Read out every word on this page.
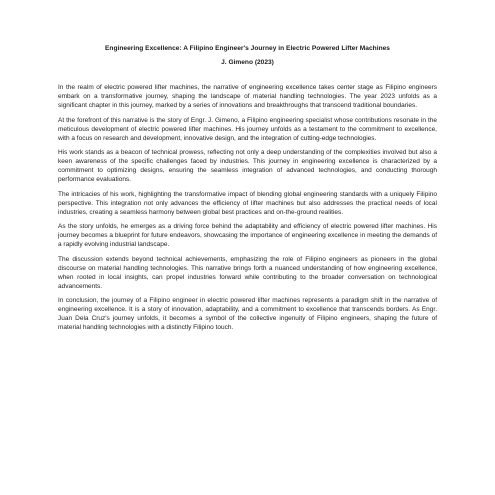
Engineering Excellence: A Filipino Engineer's Journey in Electric Powered Lifter Machines
J. Gimeno (2023)

In the realm of electric powered lifter machines, the narrative of engineering excellence takes center stage as Filipino engineers embark on a transformative journey, shaping the landscape of material handling technologies. The year 2023 unfolds as a significant chapter in this journey, marked by a series of innovations and breakthroughs that transcend traditional boundaries.

At the forefront of this narrative is the story of Engr. J. Gimeno, a Filipino engineering specialist whose contributions resonate in the meticulous development of electric powered lifter machines. His journey unfolds as a testament to the commitment to excellence, with a focus on research and development, innovative design, and the integration of cutting-edge technologies.

His work stands as a beacon of technical prowess, reflecting not only a deep understanding of the complexities involved but also a keen awareness of the specific challenges faced by industries. This journey in engineering excellence is characterized by a commitment to optimizing designs, ensuring the seamless integration of advanced technologies, and conducting thorough performance evaluations.

The intricacies of his work, highlighting the transformative impact of blending global engineering standards with a uniquely Filipino perspective. This integration not only advances the efficiency of lifter machines but also addresses the practical needs of local industries, creating a seamless harmony between global best practices and on-the-ground realities.

As the story unfolds, he emerges as a driving force behind the adaptability and efficiency of electric powered lifter machines. His journey becomes a blueprint for future endeavors, showcasing the importance of engineering excellence in meeting the demands of a rapidly evolving industrial landscape.

The discussion extends beyond technical achievements, emphasizing the role of Filipino engineers as pioneers in the global discourse on material handling technologies. This narrative brings forth a nuanced understanding of how engineering excellence, when rooted in local insights, can propel industries forward while contributing to the broader conversation on technological advancements.

In conclusion, the journey of a Filipino engineer in electric powered lifter machines represents a paradigm shift in the narrative of engineering excellence. It is a story of innovation, adaptability, and a commitment to excellence that transcends borders. As Engr. Juan Dela Cruz's journey unfolds, it becomes a symbol of the collective ingenuity of Filipino engineers, shaping the future of material handling technologies with a distinctly Filipino touch.
